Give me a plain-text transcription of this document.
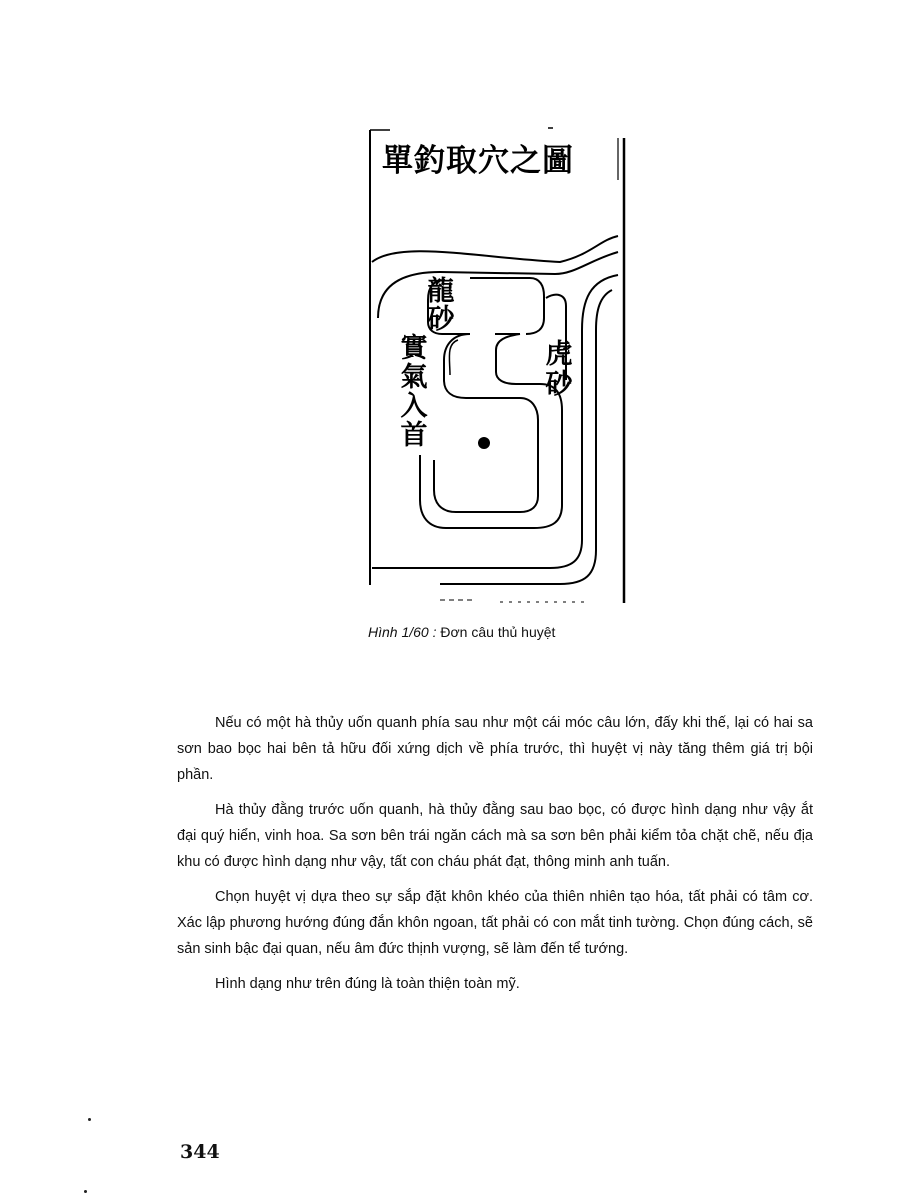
單釣取穴之圖
龍砂
虎砂
實氣入首
Hình 1/60 : Đơn câu thủ huyệt

Nếu có một hà thủy uốn quanh phía sau như một cái móc câu lớn, đấy khi thế, lại có hai sa sơn bao bọc hai bên tả hữu đối xứng dịch về phía trước, thì huyệt vị này tăng thêm giá trị bội phần.

Hà thủy đằng trước uốn quanh, hà thủy đằng sau bao bọc, có được hình dạng như vậy ắt đại quý hiển, vinh hoa. Sa sơn bên trái ngăn cách mà sa sơn bên phải kiểm tỏa chặt chẽ, nếu địa khu có được hình dạng như vậy, tất con cháu phát đạt, thông minh anh tuấn.

Chọn huyệt vị dựa theo sự sắp đặt khôn khéo của thiên nhiên tạo hóa, tất phải có tâm cơ. Xác lập phương hướng đúng đắn khôn ngoan, tất phải có con mắt tinh tường. Chọn đúng cách, sẽ sản sinh bậc đại quan, nếu âm đức thịnh vượng, sẽ làm đến tể tướng.

Hình dạng như trên đúng là toàn thiện toàn mỹ.

344
